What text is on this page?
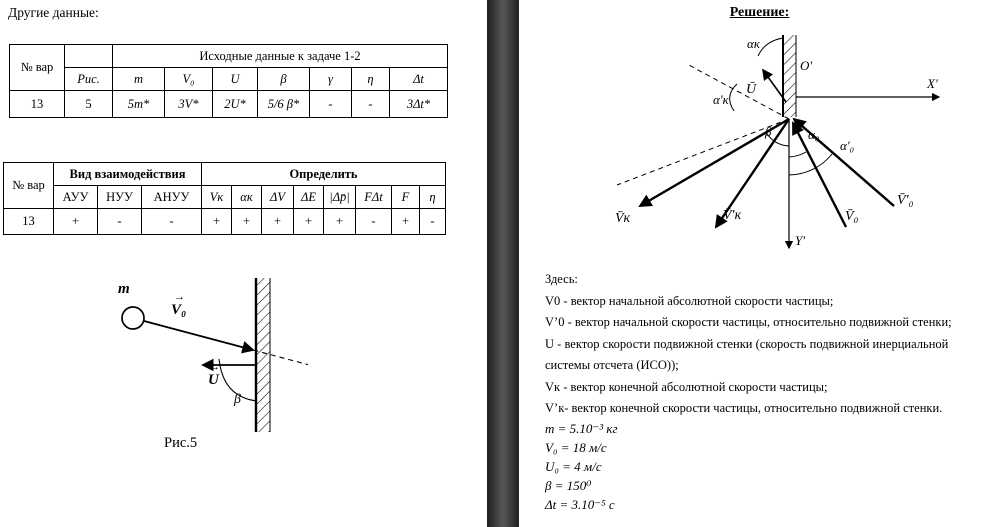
Другие данные:
№ вар		Исходные данные к задаче 1-2						
	Рис.	m	V₀	U	β	γ	η	Δt
13	5	5m*	3V*	2U*	5/6 β*	-	-	3Δt*
№ вар	Вид взаимодействия			Определить							
	АУУ	НУУ	АНУУ	Vк	αк	ΔV	ΔE	|Δp̄|	FΔt	F	η
13	+	-	-	+	+	+	+	+	-	+	-
m	→
V₀
→
U
β
Рис.5
Решение:
αк
α′к
Ū
O′
X′
Y′
β	α₀
α′₀
V̄к	V̄′к	V̄₀
V̄′₀
Здесь:
V0 - вектор начальной абсолютной скорости частицы;
V’0 - вектор начальной скорости частицы, относительно подвижной стенки;
U - вектор скорости подвижной стенки (скорость подвижной инерциальной системы отсчета (ИСО));
Vк - вектор конечной абсолютной скорости частицы;
V’к- вектор конечной скорости частицы, относительно подвижной стенки.
m = 5.10⁻³ кг
V₀ = 18 м/с
U₀ = 4 м/с
β = 150⁰
Δt = 3.10⁻⁵ с
